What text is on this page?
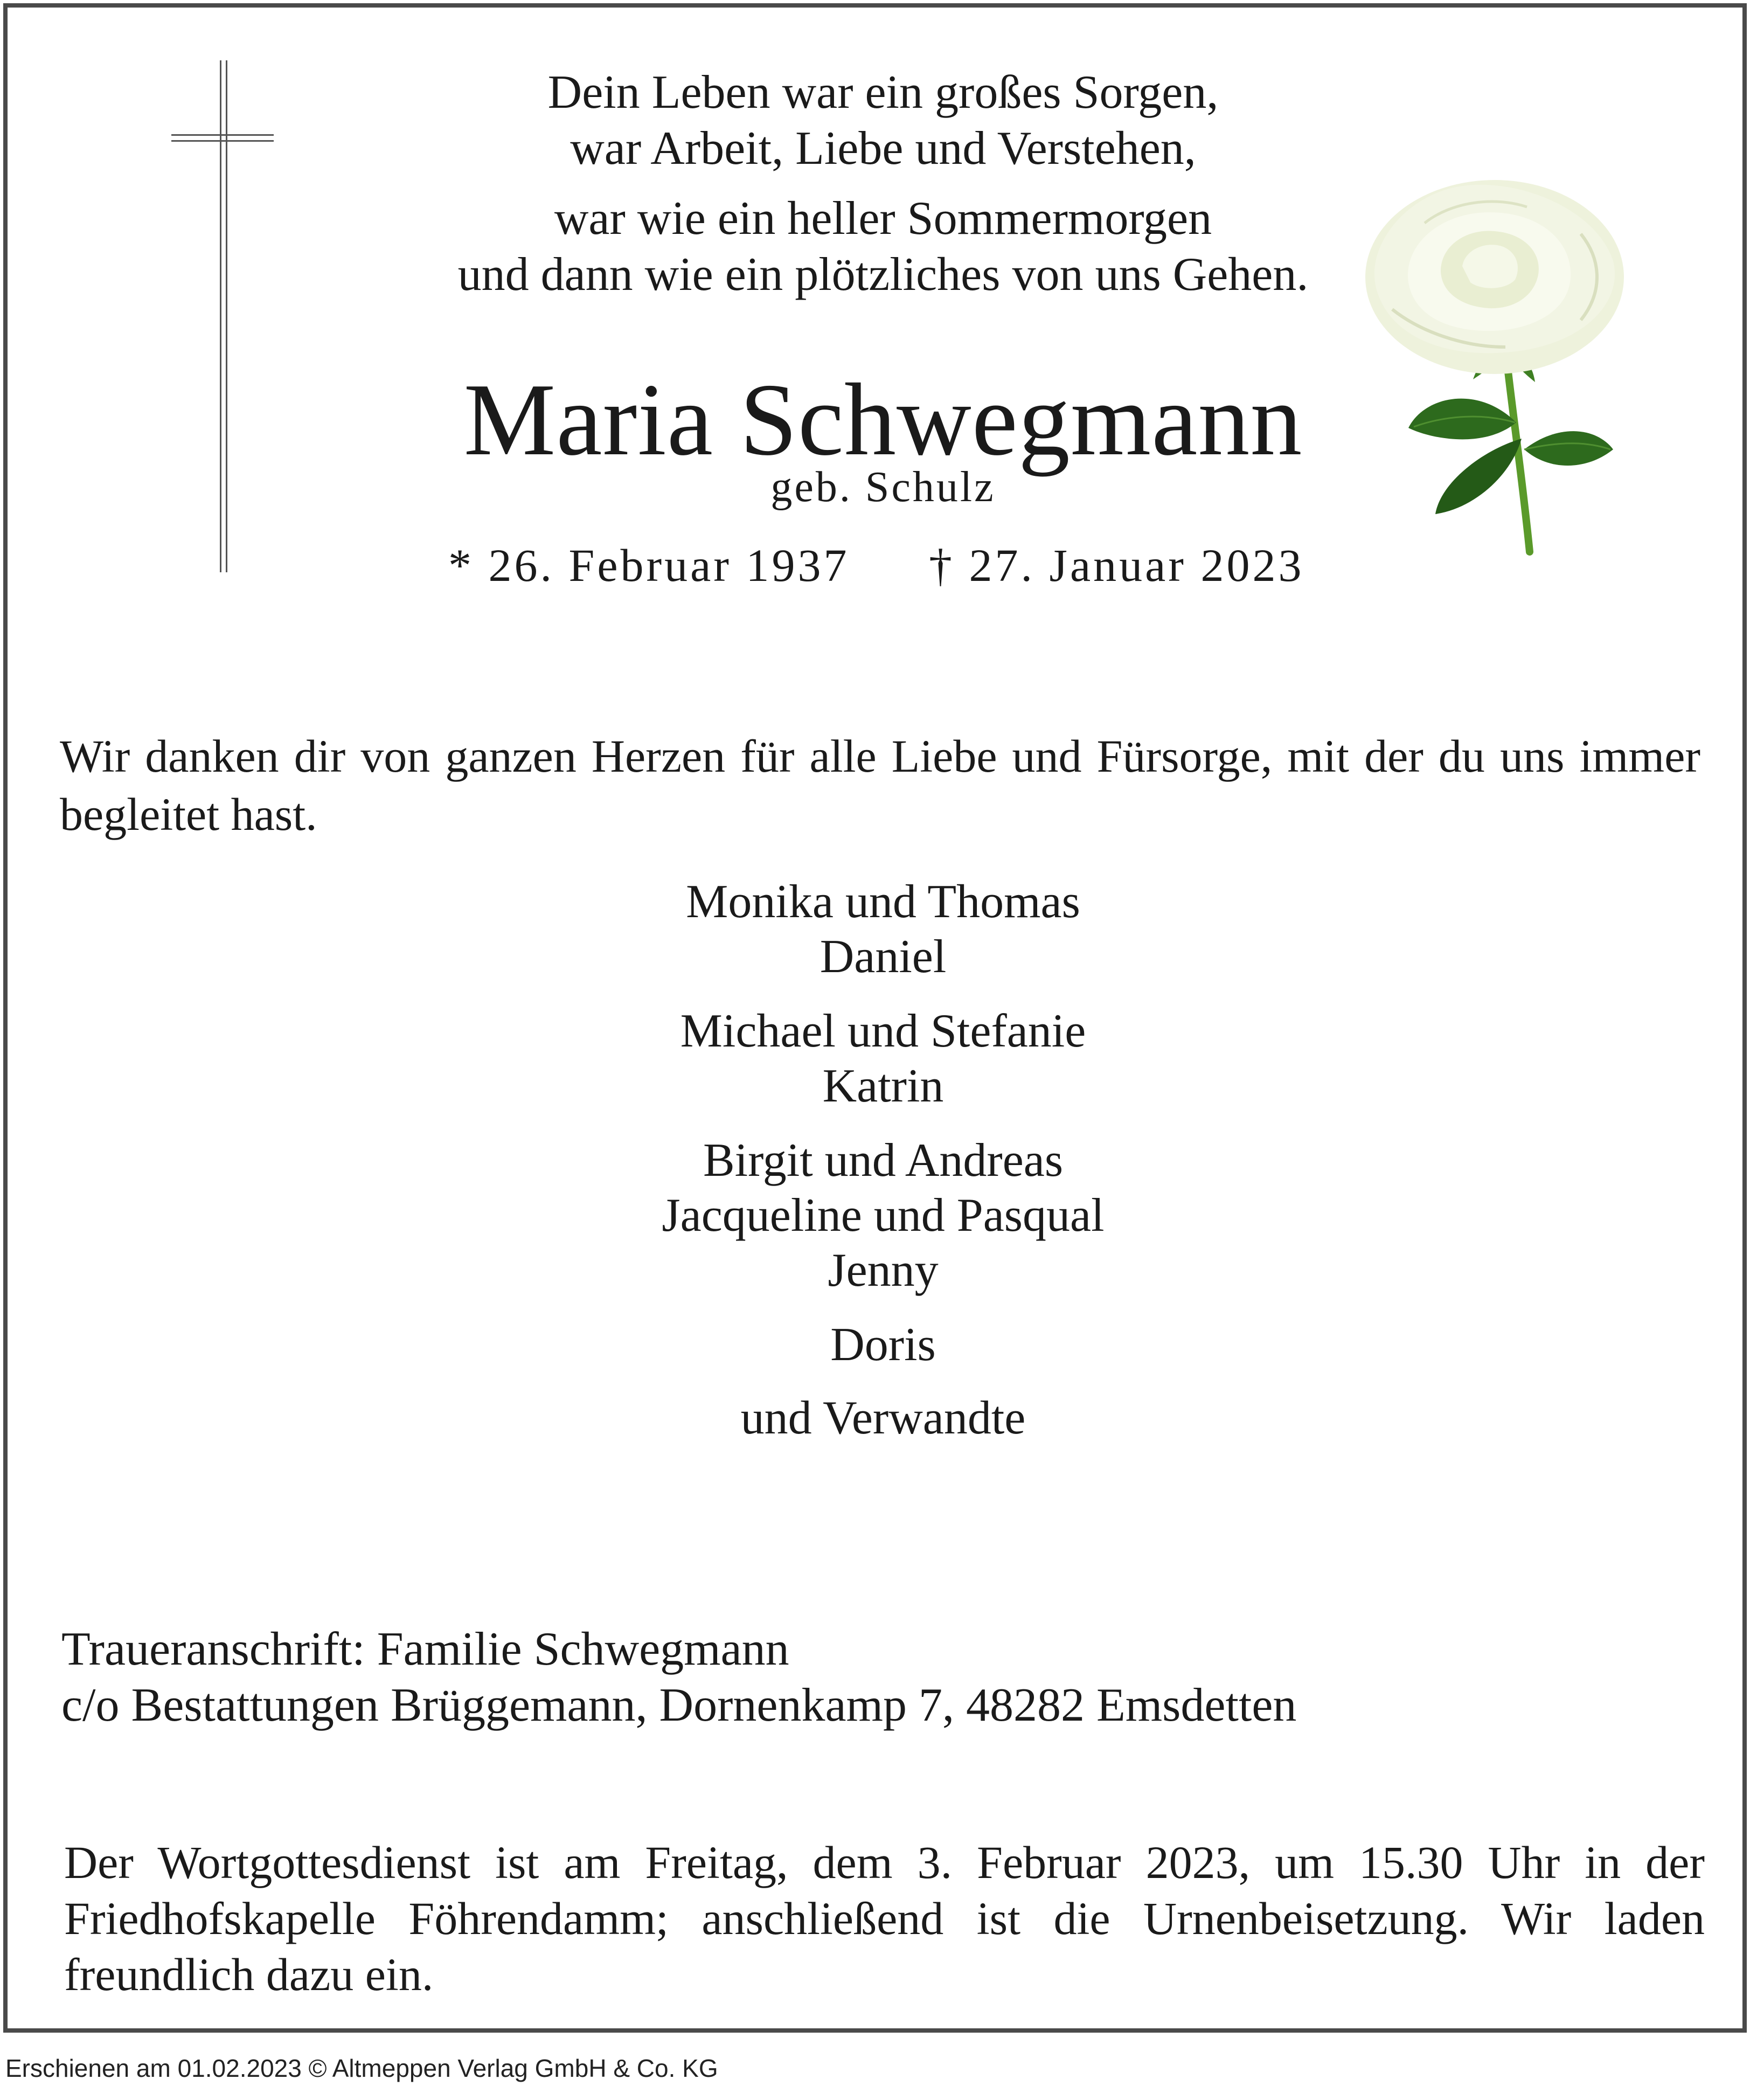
Dein Leben war ein großes Sorgen,
war Arbeit, Liebe und Verstehen,
war wie ein heller Sommermorgen
und dann wie ein plötzliches von uns Gehen.
Maria Schwegmann
geb. Schulz
* 26. Februar 1937 † 27. Januar 2023
Wir danken dir von ganzen Herzen für alle Liebe und Fürsorge, mit der du uns immer begleitet hast.
Monika und Thomas
Daniel
Michael und Stefanie
Katrin
Birgit und Andreas
Jacqueline und Pasqual
Jenny
Doris
und Verwandte
Traueranschrift: Familie Schwegmann
c/o Bestattungen Brüggemann, Dornenkamp 7, 48282 Emsdetten
Der Wortgottesdienst ist am Freitag, dem 3. Februar 2023, um 15.30 Uhr in der Friedhofskapelle Föhrendamm; anschließend ist die Urnenbeisetzung. Wir laden freundlich dazu ein.
Erschienen am 01.02.2023 © Altmeppen Verlag GmbH & Co. KG
